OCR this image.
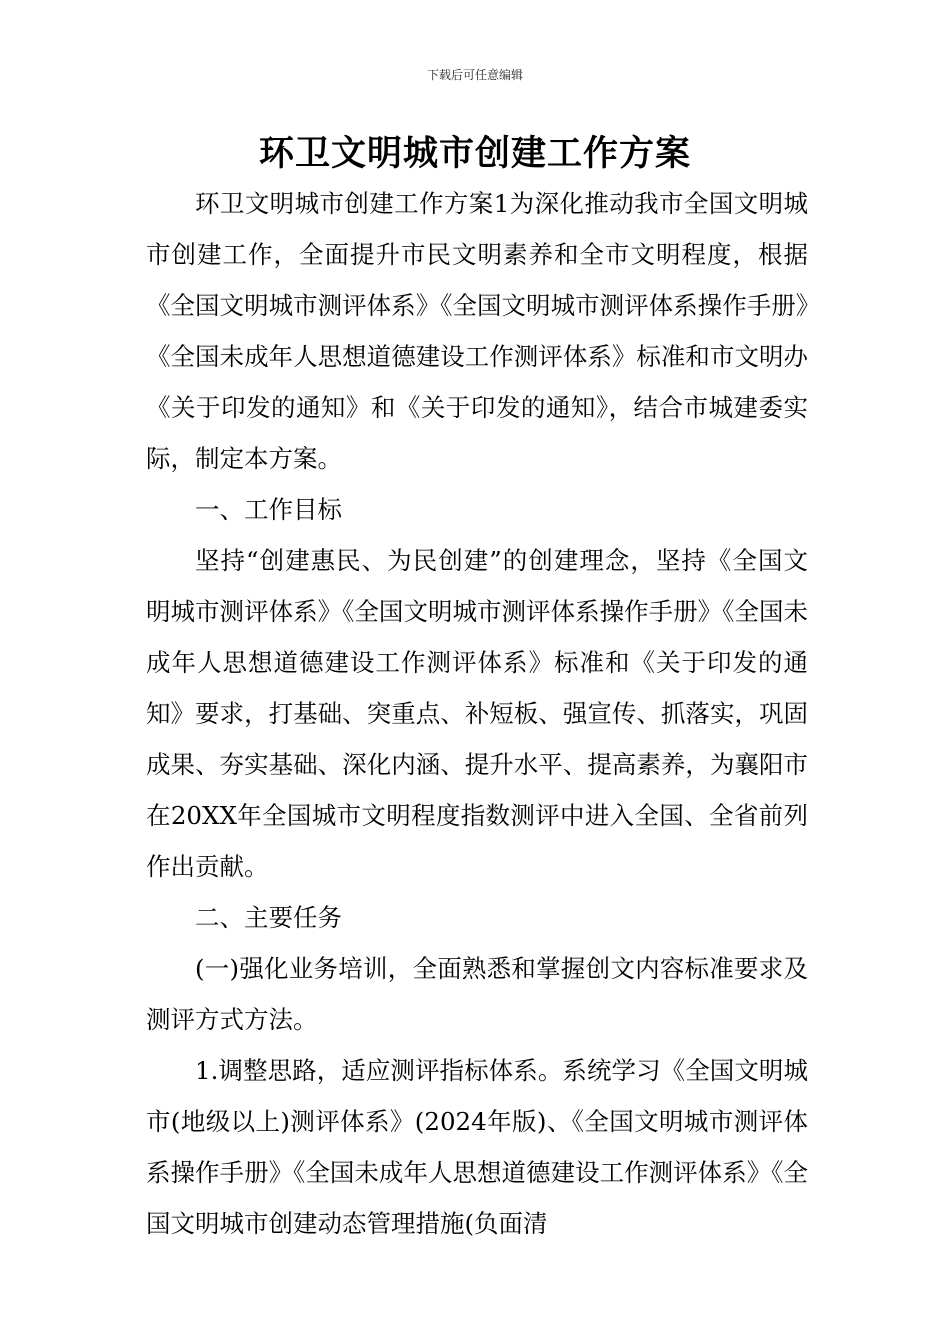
下载后可任意编辑
环卫文明城市创建工作方案

环卫文明城市创建工作方案1为深化推动我市全国文明城市创建工作，全面提升市民文明素养和全市文明程度，根据《全国文明城市测评体系》《全国文明城市测评体系操作手册》《全国未成年人思想道德建设工作测评体系》标准和市文明办《关于印发的通知》和《关于印发的通知》，结合市城建委实际，制定本方案。

一、工作目标

坚持“创建惠民、为民创建”的创建理念，坚持《全国文明城市测评体系》《全国文明城市测评体系操作手册》《全国未成年人思想道德建设工作测评体系》标准和《关于印发的通知》要求，打基础、突重点、补短板、强宣传、抓落实，巩固成果、夯实基础、深化内涵、提升水平、提高素养，为襄阳市在20XX年全国城市文明程度指数测评中进入全国、全省前列作出贡献。

二、主要任务

(一)强化业务培训，全面熟悉和掌握创文内容标准要求及测评方式方法。

1.调整思路，适应测评指标体系。系统学习《全国文明城市(地级以上)测评体系》(2024年版)、《全国文明城市测评体系操作手册》《全国未成年人思想道德建设工作测评体系》《全国文明城市创建动态管理措施(负面清
